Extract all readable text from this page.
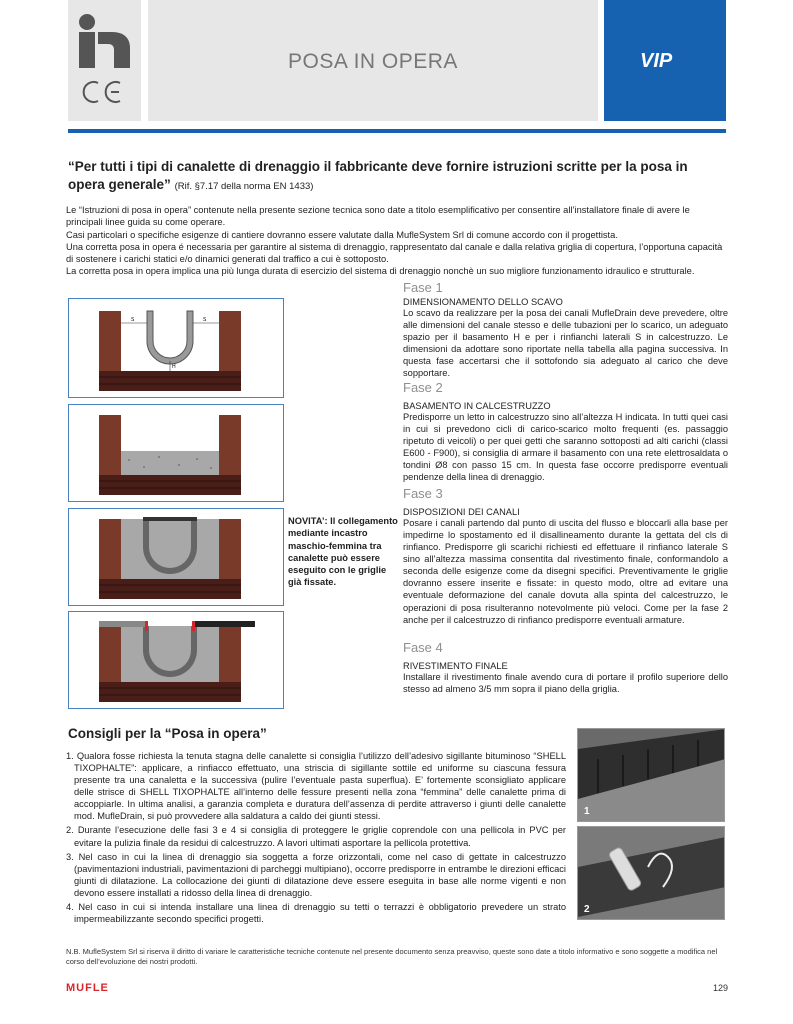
POSA IN OPERA	VIP
“Per tutti i tipi di canalette di drenaggio il fabbricante deve fornire istruzioni scritte per la posa in opera generale” (Rif. §7.17 della norma EN 1433)
Le “Istruzioni di posa in opera” contenute nella presente sezione tecnica sono date a titolo esemplificativo per consentire all’installatore finale di avere le principali linee guida su come operare.
Casi particolari o specifiche esigenze di cantiere dovranno essere valutate dalla MufleSystem Srl di comune accordo con il progettista.
Una corretta posa in opera é necessaria per garantire al sistema di drenaggio, rappresentato dal canale e dalla relativa griglia di copertura, l’opportuna capacità di sostenere i carichi statici e/o dinamici generati dal traffico a cui è sottoposto.
La corretta posa in opera implica una più lunga durata di esercizio del sistema di drenaggio nonchè un suo migliore funzionamento idraulico e strutturale.
S	S
H
NOVITA’: Il collegamento mediante incastro maschio-femmina tra canalette può essere eseguito con le griglie già fissate.
Fase 1
DIMENSIONAMENTO DELLO SCAVO
Lo scavo da realizzare per la posa dei canali MufleDrain deve prevedere, oltre alle dimensioni del canale stesso e delle tubazioni per lo scarico, un adeguato spazio per il basamento H e per i rinfianchi laterali S in calcestruzzo. Le dimensioni da adottare sono riportate nella tabella alla pagina successiva. In questa fase accertarsi che il sottofondo sia adeguato al carico che deve sopportare.
Fase 2
BASAMENTO IN CALCESTRUZZO
Predisporre un letto in calcestruzzo sino all’altezza H indicata. In tutti quei casi in cui si prevedono cicli di carico-scarico molto frequenti (es. passaggio ripetuto di veicoli) o per quei getti che saranno sottoposti ad alti carichi (classi E600 - F900), si consiglia di armare il basamento con una rete elettrosaldata o tondini Ø8 con passo 15 cm. In questa fase occorre predisporre eventuali pendenze della linea di drenaggio.
Fase 3
DISPOSIZIONI DEI CANALI
Posare i canali partendo dal punto di uscita del flusso e bloccarli alla base per impedirne lo spostamento ed il disallineamento durante la gettata del cls di rinfianco. Predisporre gli scarichi richiesti ed effettuare il rinfianco laterale S sino all’altezza massima consentita dal rivestimento finale, conformandolo a seconda delle esigenze come da disegni specifici. Preventivamente le griglie dovranno essere inserite e fissate: in questo modo, oltre ad evitare una eventuale deformazione del canale dovuta alla spinta del calcestruzzo, le operazioni di posa risulteranno notevolmente più veloci. Come per la fase 2 anche per il calcestruzzo di rinfianco predisporre eventuali armature.
Fase 4
RIVESTIMENTO FINALE
Installare il rivestimento finale avendo cura di portare il profilo superiore dello stesso ad almeno 3/5 mm sopra il piano della griglia.
Consigli per la “Posa in opera”
1. Qualora fosse richiesta la tenuta stagna delle canalette si consiglia l’utilizzo dell’adesivo sigillante bituminoso “SHELL TIXOPHALTE”: applicare, a rinfiacco effettuato, una striscia di sigillante sottile ed uniforme su ciascuna fessura presente tra una canaletta e la successiva (pulire l’eventuale pasta superflua). E’ fortemente sconsigliato applicare delle strisce di SHELL TIXOPHALTE all’interno delle fessure presenti nella zona “femmina” delle canalette prima di accoppiarle. In ultima analisi, a garanzia completa e duratura dell’assenza di perdite attraverso i giunti delle canalette mod. MufleDrain, si può provvedere alla saldatura a caldo dei giunti stessi.
2. Durante l’esecuzione delle fasi 3 e 4 si consiglia di proteggere le griglie coprendole con una pellicola in PVC per evitare la pulizia finale da residui di calcestruzzo. A lavori ultimati asportare la pellicola protettiva.
3. Nel caso in cui la linea di drenaggio sia soggetta a forze orizzontali, come nel caso di gettate in calcestruzzo (pavimentazioni industriali, pavimentazioni di parcheggi multipiano), occorre predisporre in entrambe le direzioni efficaci giunti di dilatazione. La collocazione dei giunti di dilatazione deve essere eseguita in base alle norme vigenti e non devono essere installati a ridosso della linea di drenaggio.
4. Nel caso in cui si intenda installare una linea di drenaggio su tetti o terrazzi è obbligatorio prevedere un strato impermeabilizzante secondo specifici progetti.
1
2
N.B. MufleSystem Srl si riserva il diritto di variare le caratteristiche tecniche contenute nel presente documento senza preavviso, queste sono date a titolo informativo e sono soggette a modifica nel corso dell’evoluzione dei nostri prodotti.
MUFLE	129
